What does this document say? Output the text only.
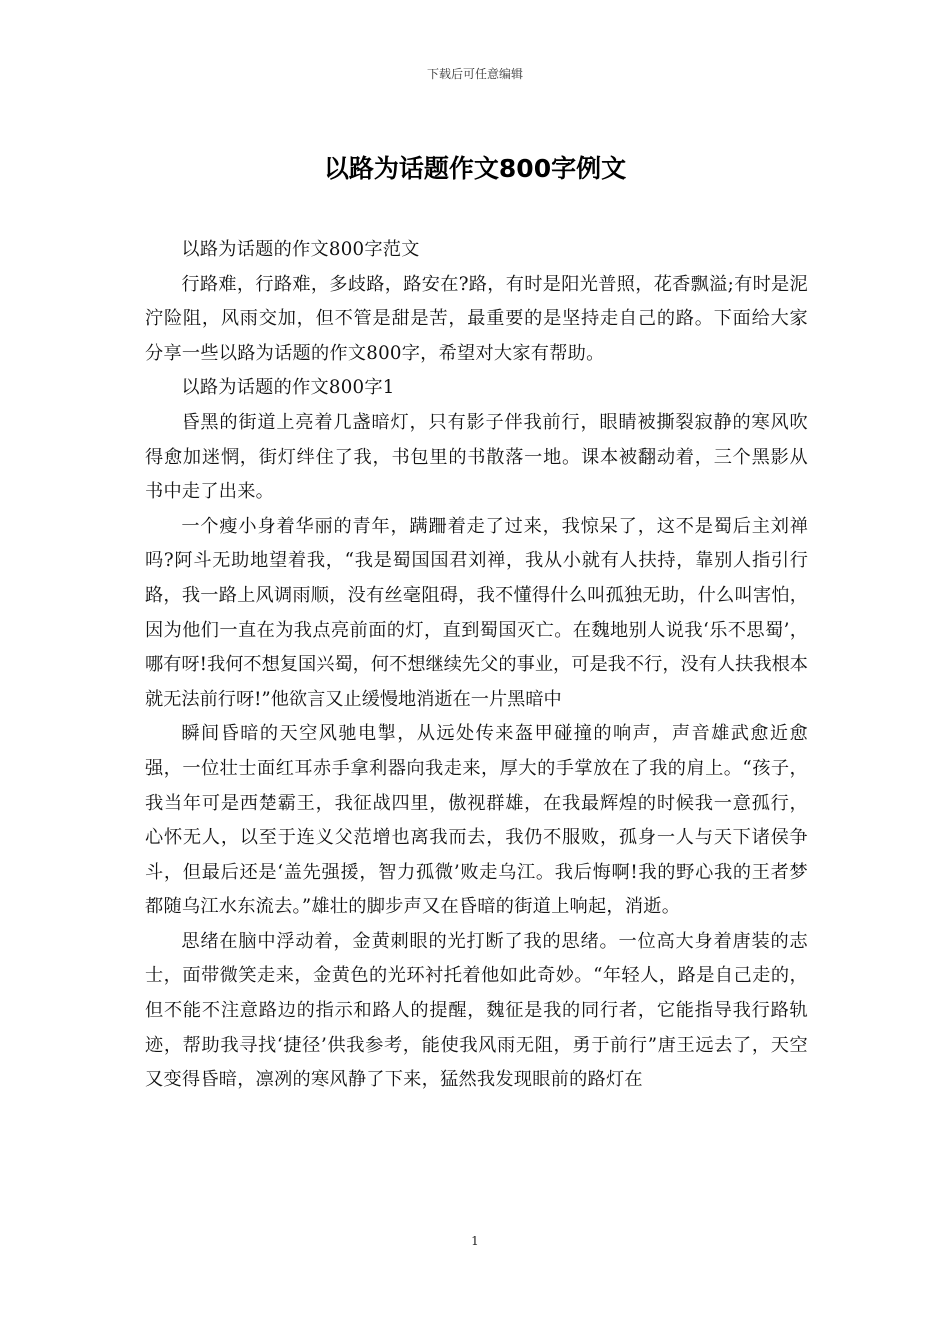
下载后可任意编辑
以路为话题作文800字例文

以路为话题的作文800字范文

行路难，行路难，多歧路，路安在?路，有时是阳光普照，花香飘溢;有时是泥泞险阻，风雨交加，但不管是甜是苦，最重要的是坚持走自己的路。下面给大家分享一些以路为话题的作文800字，希望对大家有帮助。

以路为话题的作文800字1

昏黑的街道上亮着几盏暗灯，只有影子伴我前行，眼睛被撕裂寂静的寒风吹得愈加迷惘，街灯绊住了我，书包里的书散落一地。课本被翻动着，三个黑影从书中走了出来。

一个瘦小身着华丽的青年，蹒跚着走了过来，我惊呆了，这不是蜀后主刘禅吗?阿斗无助地望着我，“我是蜀国国君刘禅，我从小就有人扶持，靠别人指引行路，我一路上风调雨顺，没有丝毫阻碍，我不懂得什么叫孤独无助，什么叫害怕，因为他们一直在为我点亮前面的灯，直到蜀国灭亡。在魏地别人说我‘乐不思蜀’，哪有呀!我何不想复国兴蜀，何不想继续先父的事业，可是我不行，没有人扶我根本就无法前行呀!”他欲言又止缓慢地消逝在一片黑暗中

瞬间昏暗的天空风驰电掣，从远处传来盔甲碰撞的响声，声音雄武愈近愈强，一位壮士面红耳赤手拿利器向我走来，厚大的手掌放在了我的肩上。“孩子，我当年可是西楚霸王，我征战四里，傲视群雄，在我最辉煌的时候我一意孤行，心怀无人，以至于连义父范增也离我而去，我仍不服败，孤身一人与天下诸侯争斗，但最后还是‘盖先强援，智力孤微’败走乌江。我后悔啊!我的野心我的王者梦都随乌江水东流去。”雄壮的脚步声又在昏暗的街道上响起，消逝。

思绪在脑中浮动着，金黄刺眼的光打断了我的思绪。一位高大身着唐装的志士，面带微笑走来，金黄色的光环衬托着他如此奇妙。“年轻人，路是自己走的，但不能不注意路边的指示和路人的提醒，魏征是我的同行者，它能指导我行路轨迹，帮助我寻找‘捷径’供我参考，能使我风雨无阻，勇于前行”唐王远去了，天空又变得昏暗，凛冽的寒风静了下来，猛然我发现眼前的路灯在

1
